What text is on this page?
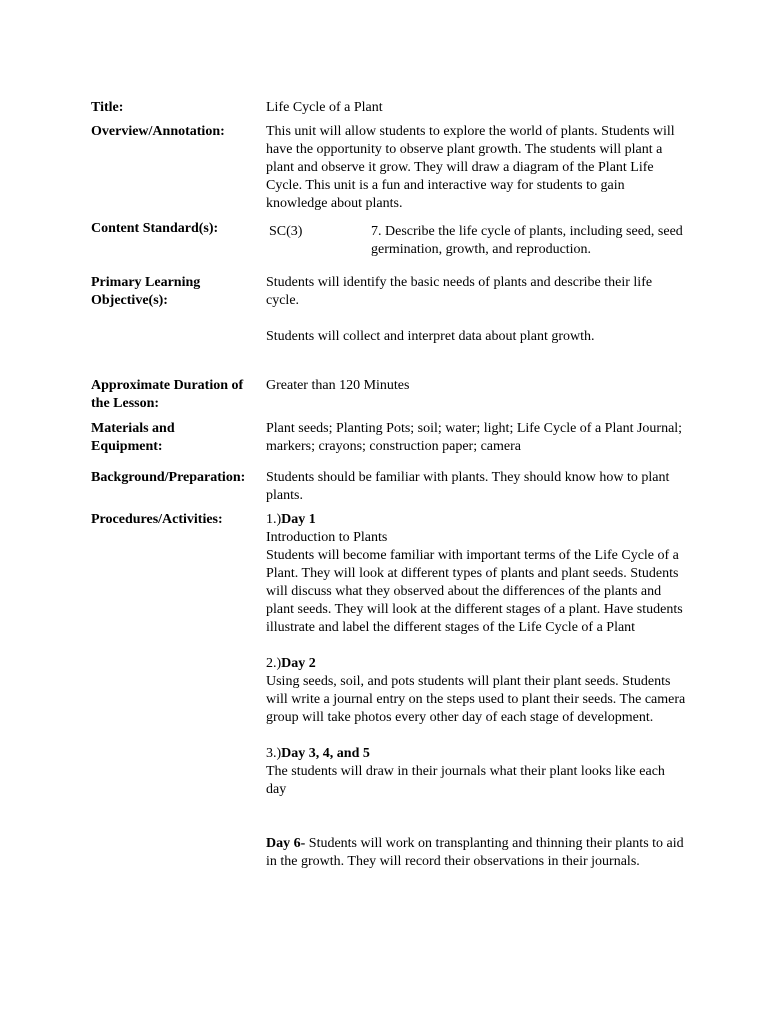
Title:	Life Cycle of a Plant
Overview/Annotation:	This unit will allow students to explore the world of plants. Students will have the opportunity to observe plant growth. The students will plant a plant and observe it grow. They will draw a diagram of the Plant Life Cycle. This unit is a fun and interactive way for students to gain knowledge about plants.
Content Standard(s):	SC(3)	7. Describe the life cycle of plants, including seed, seed germination, growth, and reproduction.
Primary Learning Objective(s):

Students will identify the basic needs of plants and describe their life cycle.

Students will collect and interpret data about plant growth.

Approximate Duration of the Lesson:
Greater than 120 Minutes
Materials and Equipment:
Plant seeds; Planting Pots; soil; water; light; Life Cycle of a Plant Journal; markers; crayons; construction paper; camera
Background/Preparation:	Students should be familiar with plants. They should know how to plant plants.
Procedures/Activities:	1.)Day 1

Introduction to Plants

Students will become familiar with important terms of the Life Cycle of a Plant. They will look at different types of plants and plant seeds. Students will discuss what they observed about the differences of the plants and plant seeds. They will look at the different stages of a plant. Have students illustrate and label the different stages of the Life Cycle of a Plant

2.)Day 2

Using seeds, soil, and pots students will plant their plant seeds. Students will write a journal entry on the steps used to plant their seeds. The camera group will take photos every other day of each stage of development.

3.)Day 3, 4, and 5

The students will draw in their journals what their plant looks like each day

Day 6- Students will work on transplanting and thinning their plants to aid in the growth. They will record their observations in their journals.
